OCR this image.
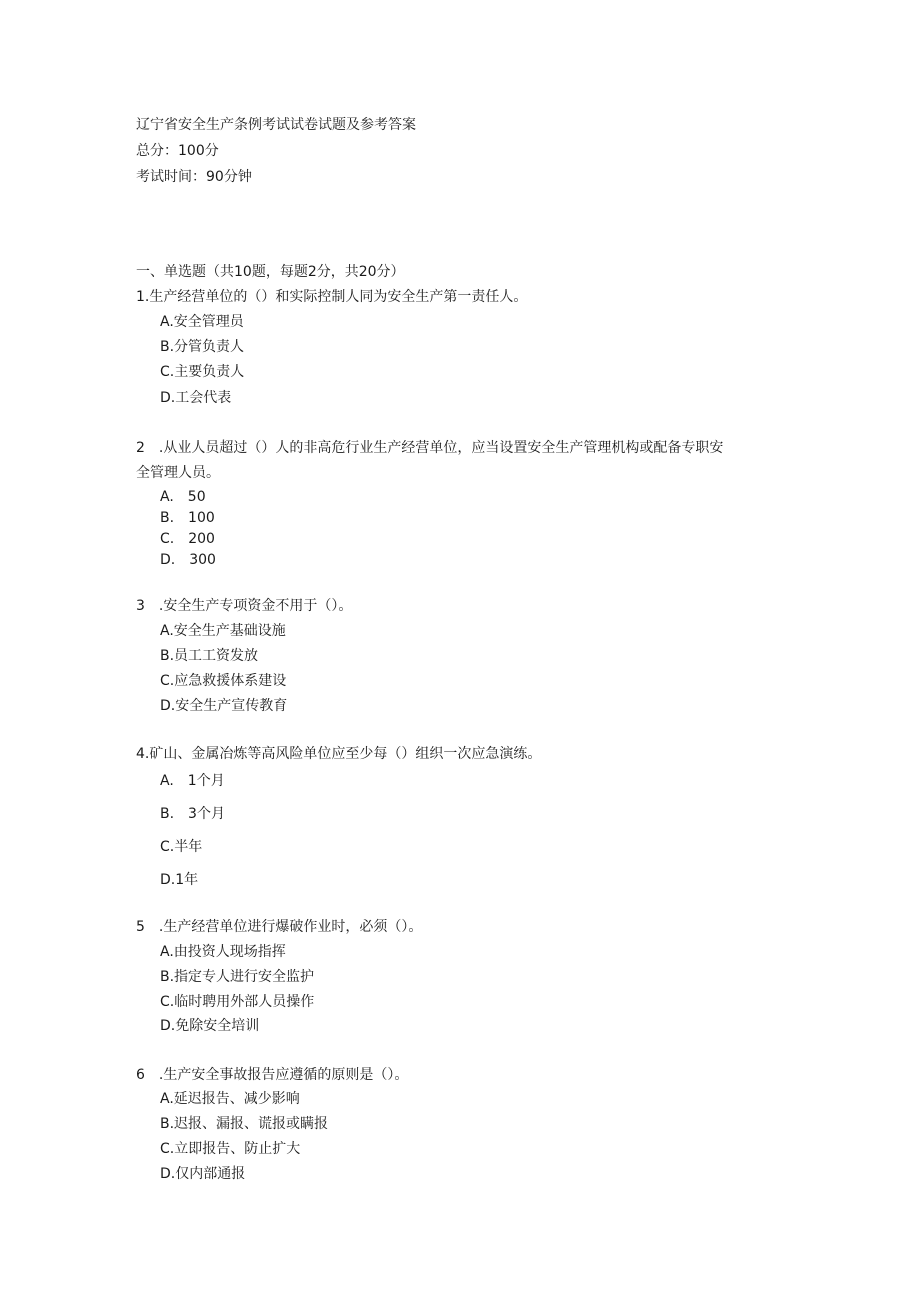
辽宁省安全生产条例考试试卷试题及参考答案
总分：100分
考试时间：90分钟
一、单选题（共10题，每题2分，共20分）
1.生产经营单位的（）和实际控制人同为安全生产第一责任人。
A.安全管理员
B.分管负责人
C.主要负责人
D.工会代表
2　.从业人员超过（）人的非高危行业生产经营单位，应当设置安全生产管理机构或配备专职安
全管理人员。
A.　50
B.　100
C.　200
D.　300
3　.安全生产专项资金不用于（）。
A.安全生产基础设施
B.员工工资发放
C.应急救援体系建设
D.安全生产宣传教育
4.矿山、金属冶炼等高风险单位应至少每（）组织一次应急演练。
A.　1个月
B.　3个月
C.半年
D.1年
5　.生产经营单位进行爆破作业时，必须（）。
A.由投资人现场指挥
B.指定专人进行安全监护
C.临时聘用外部人员操作
D.免除安全培训
6　.生产安全事故报告应遵循的原则是（）。
A.延迟报告、减少影响
B.迟报、漏报、谎报或瞒报
C.立即报告、防止扩大
D.仅内部通报
